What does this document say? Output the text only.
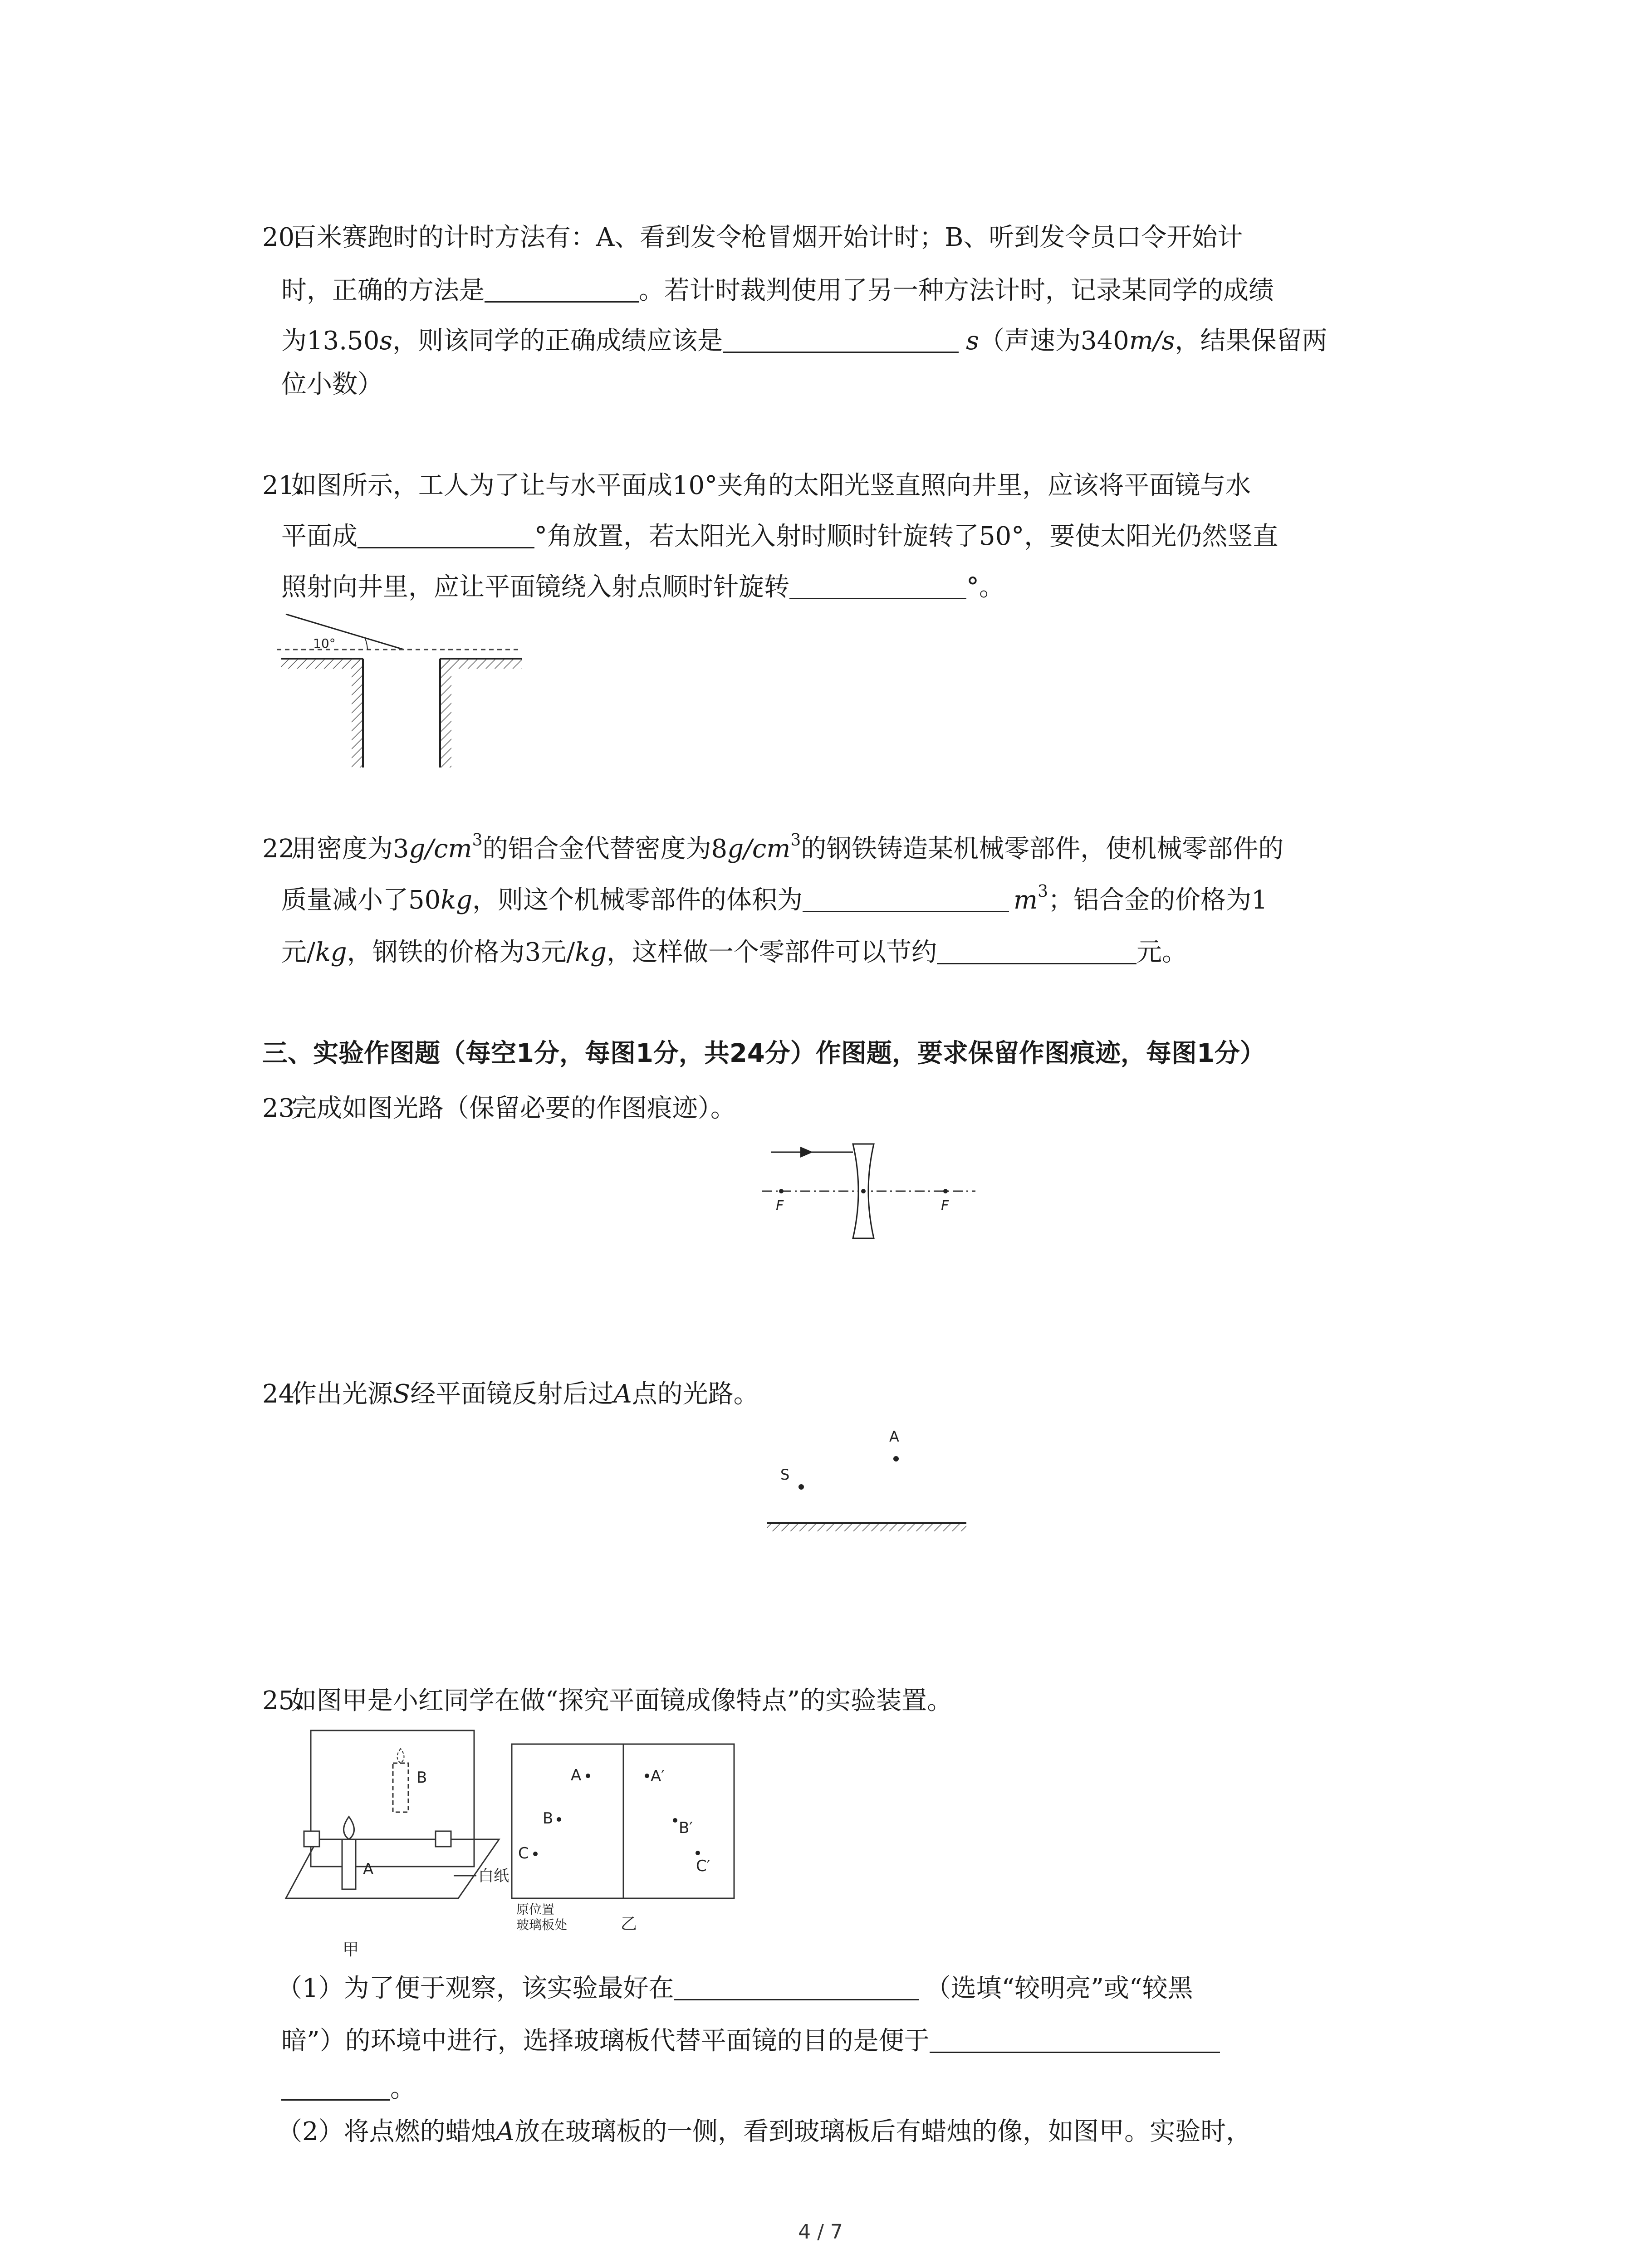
20. 百米赛跑时的计时方法有：A、看到发令枪冒烟开始计时；B、听到发令员口令开始计
时，正确的方法是	。若计时裁判使用了另一种方法计时，记录某同学的成绩
为13.50s，则该同学的正确成绩应该是	s（声速为340m/s，结果保留两
位小数）
21. 如图所示，工人为了让与水平面成10°夹角的太阳光竖直照向井里，应该将平面镜与水
平面成	°角放置，若太阳光入射时顺时针旋转了50°，要使太阳光仍然竖直
照射向井里，应让平面镜绕入射点顺时针旋转	°。
10°
22. 用密度为$3g/cm^3$的铝合金代替密度为$8g/cm^3$的钢铁铸造某机械零部件，使机械零部件的
质量减小了50kg，则这个机械零部件的体积为	$m^3$；铝合金的价格为1
元/kg，钢铁的价格为3元/kg，这样做一个零部件可以节约	元。
三、实验作图题（每空1分，每图1分，共24分）作图题，要求保留作图痕迹，每图1分）
23. 完成如图光路（保留必要的作图痕迹）。
F	F
24. 作出光源S经平面镜反射后过A点的光路。
A
S
25. 如图甲是小红同学在做“探究平面镜成像特点”的实验装置。
B
A	白纸
甲
A
B
C
A′
B′
C′
原位置
玻璃板处	乙
（1）为了便于观察，该实验最好在	（选填“较明亮”或“较黑
暗”）的环境中进行，选择玻璃板代替平面镜的目的是便于
。
（2）将点燃的蜡烛A放在玻璃板的一侧，看到玻璃板后有蜡烛的像，如图甲。实验时，
4 / 7
